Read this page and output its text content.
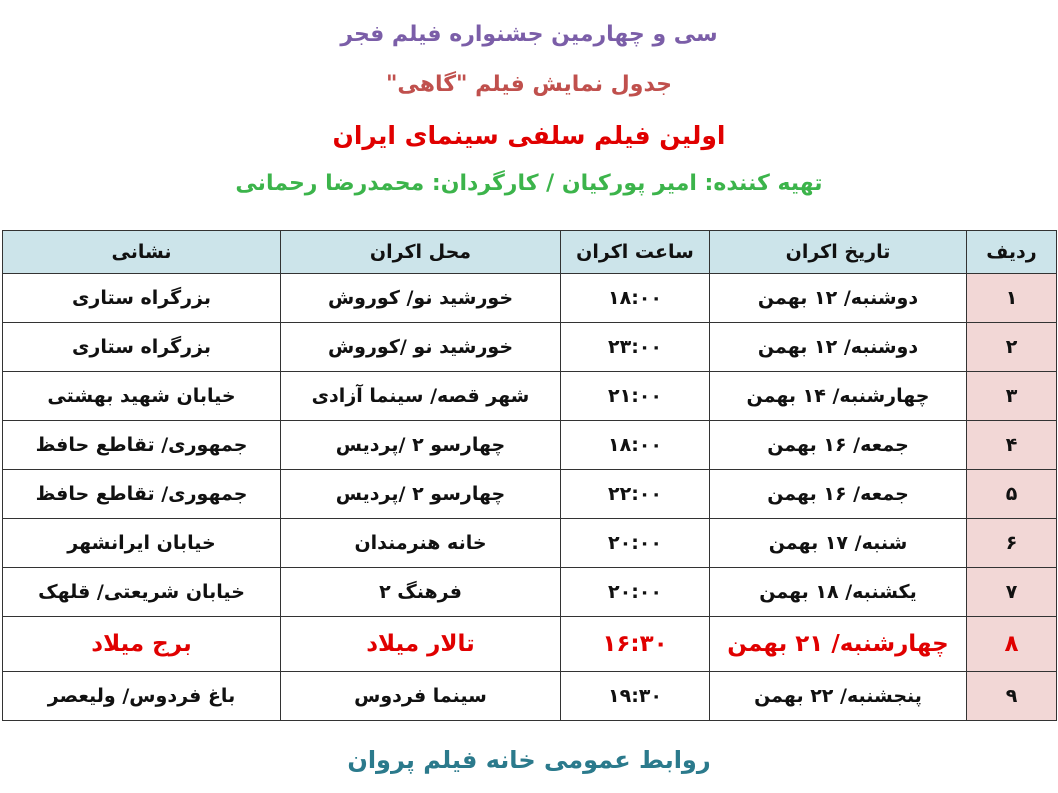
سی و چهارمین جشنواره فیلم فجر
جدول نمایش فیلم "گاهی"
اولین فیلم سلفی سینمای ایران
تهیه کننده: امیر پورکیان / کارگردان: محمدرضا رحمانی
ردیف	تاریخ اکران	ساعت اکران	محل اکران	نشانی
۱	دوشنبه/ ۱۲ بهمن	۱۸:۰۰	خورشید نو/ کوروش	بزرگراه ستاری
۲	دوشنبه/ ۱۲ بهمن	۲۳:۰۰	خورشید نو /کوروش	بزرگراه ستاری
۳	چهارشنبه/ ۱۴ بهمن	۲۱:۰۰	شهر قصه/ سینما آزادی	خیابان شهید بهشتی
۴	جمعه/ ۱۶ بهمن	۱۸:۰۰	چهارسو ۲ /پردیس	جمهوری/ تقاطع حافظ
۵	جمعه/ ۱۶ بهمن	۲۲:۰۰	چهارسو ۲ /پردیس	جمهوری/ تقاطع حافظ
۶	شنبه/ ۱۷ بهمن	۲۰:۰۰	خانه هنرمندان	خیابان ایرانشهر
۷	یکشنبه/ ۱۸ بهمن	۲۰:۰۰	فرهنگ ۲	خیابان شریعتی/ قلهک
۸	چهارشنبه/ ۲۱ بهمن	۱۶:۳۰	تالار میلاد	برج میلاد
۹	پنجشنبه/ ۲۲ بهمن	۱۹:۳۰	سینما فردوس	باغ فردوس/ ولیعصر
روابط عمومی خانه فیلم پروان
